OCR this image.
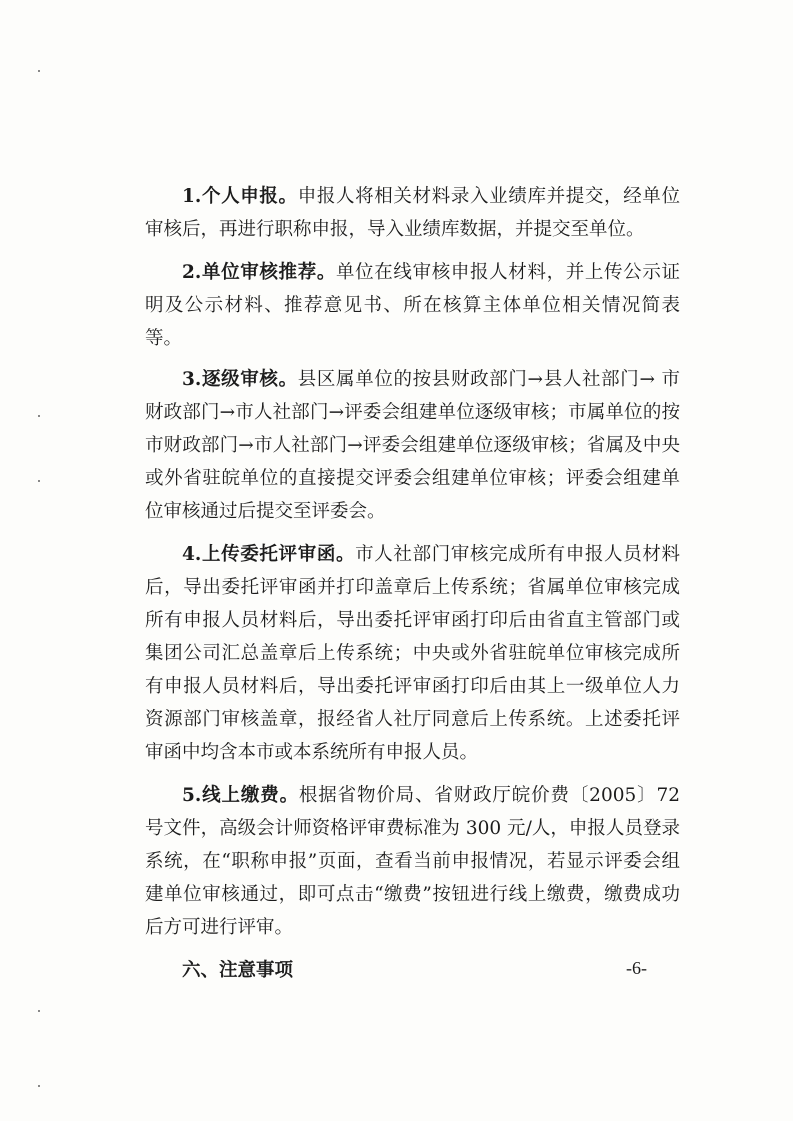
1.个人申报。申报人将相关材料录入业绩库并提交，经单位审核后，再进行职称申报，导入业绩库数据，并提交至单位。

2.单位审核推荐。单位在线审核申报人材料，并上传公示证明及公示材料、推荐意见书、所在核算主体单位相关情况简表等。

3.逐级审核。县区属单位的按县财政部门→县人社部门→ 市财政部门→市人社部门→评委会组建单位逐级审核；市属单位的按市财政部门→市人社部门→评委会组建单位逐级审核；省属及中央或外省驻皖单位的直接提交评委会组建单位审核；评委会组建单位审核通过后提交至评委会。

4.上传委托评审函。市人社部门审核完成所有申报人员材料后，导出委托评审函并打印盖章后上传系统；省属单位审核完成所有申报人员材料后，导出委托评审函打印后由省直主管部门或集团公司汇总盖章后上传系统；中央或外省驻皖单位审核完成所有申报人员材料后，导出委托评审函打印后由其上一级单位人力资源部门审核盖章，报经省人社厅同意后上传系统。上述委托评审函中均含本市或本系统所有申报人员。

5.线上缴费。根据省物价局、省财政厅皖价费〔2005〕72 号文件，高级会计师资格评审费标准为 300 元/人，申报人员登录系统，在“职称申报”页面，查看当前申报情况，若显示评委会组建单位审核通过，即可点击“缴费”按钮进行线上缴费，缴费成功后方可进行评审。

六、注意事项	-6-
